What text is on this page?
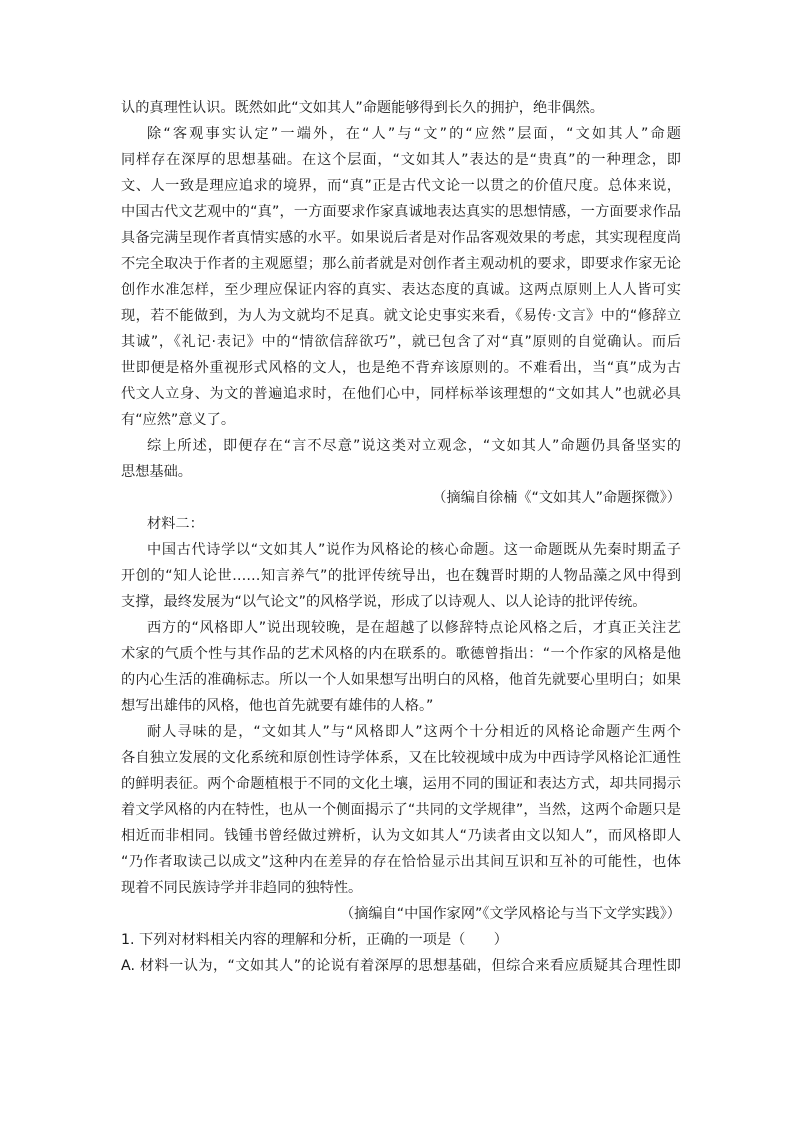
认的真理性认识。既然如此“文如其人”命题能够得到长久的拥护，绝非偶然。
除“客观事实认定”一端外，在“人”与“文”的“应然”层面，“文如其人”命题
同样存在深厚的思想基础。在这个层面，“文如其人”表达的是“贵真”的一种理念，即
文、人一致是理应追求的境界，而“真”正是古代文论一以贯之的价值尺度。总体来说，
中国古代文艺观中的“真”，一方面要求作家真诚地表达真实的思想情感，一方面要求作品
具备完满呈现作者真情实感的水平。如果说后者是对作品客观效果的考虑，其实现程度尚
不完全取决于作者的主观愿望；那么前者就是对创作者主观动机的要求，即要求作家无论
创作水准怎样，至少理应保证内容的真实、表达态度的真诚。这两点原则上人人皆可实
现，若不能做到，为人为文就均不足真。就文论史事实来看，《易传·文言》中的“修辞立
其诚”，《礼记·表记》中的“情欲信辞欲巧”，就已包含了对“真”原则的自觉确认。而后
世即便是格外重视形式风格的文人，也是绝不背弃该原则的。不难看出，当“真”成为古
代文人立身、为文的普遍追求时，在他们心中，同样标举该理想的“文如其人”也就必具
有“应然”意义了。
综上所述，即便存在“言不尽意”说这类对立观念，“文如其人”命题仍具备坚实的
思想基础。
（摘编自徐楠《“文如其人”命题探微》）
材料二：
中国古代诗学以“文如其人”说作为风格论的核心命题。这一命题既从先秦时期孟子
开创的“知人论世……知言养气”的批评传统导出，也在魏晋时期的人物品藻之风中得到
支撑，最终发展为“以气论文”的风格学说，形成了以诗观人、以人论诗的批评传统。
西方的“风格即人”说出现较晚，是在超越了以修辞特点论风格之后，才真正关注艺
术家的气质个性与其作品的艺术风格的内在联系的。歌德曾指出：“一个作家的风格是他
的内心生活的准确标志。所以一个人如果想写出明白的风格，他首先就要心里明白；如果
想写出雄伟的风格，他也首先就要有雄伟的人格。”
耐人寻味的是，“文如其人”与“风格即人”这两个十分相近的风格论命题产生两个
各自独立发展的文化系统和原创性诗学体系，又在比较视域中成为中西诗学风格论汇通性
的鲜明表征。两个命题植根于不同的文化土壤，运用不同的围证和表达方式，却共同揭示
着文学风格的内在特性，也从一个侧面揭示了“共同的文学规律”，当然，这两个命题只是
相近而非相同。钱锺书曾经做过辨析，认为文如其人“乃读者由文以知人”，而风格即人
“乃作者取读己以成文”这种内在差异的存在恰恰显示出其间互识和互补的可能性，也体
现着不同民族诗学并非趋同的独特性。
（摘编自“中国作家网”《文学风格论与当下文学实践》）
1. 下列对材料相关内容的理解和分析，正确的一项是（　　）
A. 材料一认为，“文如其人”的论说有着深厚的思想基础，但综合来看应质疑其合理性即
